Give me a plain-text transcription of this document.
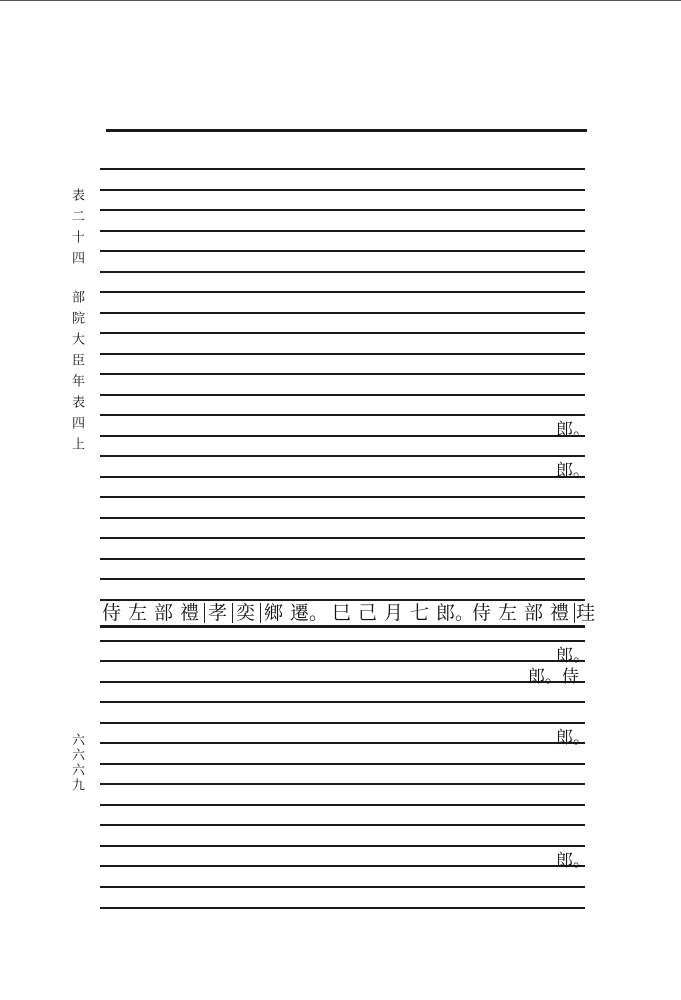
表二十四
部院大臣年表四上
六六六九
郎。
郎。
郎。
郎。侍
郎。
郎。
侍 左 部 禮 孝 奕 鄉 遷。 巳 己 月 七 郎。
侍 左 部 禮 珪
